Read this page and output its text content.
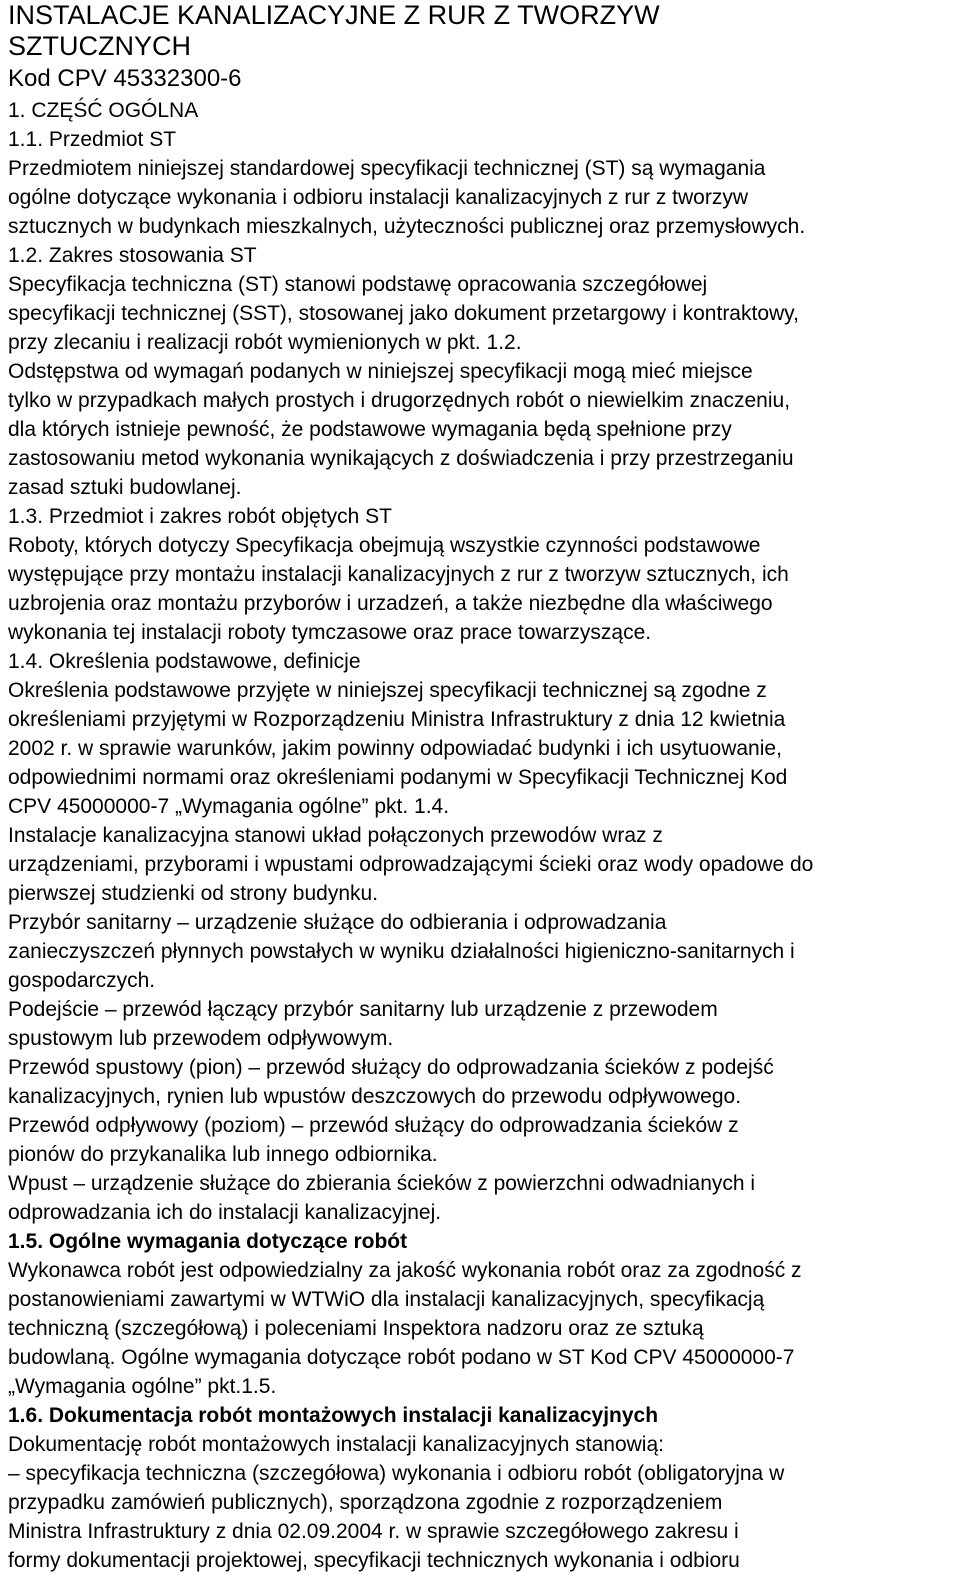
INSTALACJE KANALIZACYJNE Z RUR Z TWORZYW
SZTUCZNYCH
Kod CPV 45332300-6
1. CZĘŚĆ OGÓLNA
1.1. Przedmiot ST
Przedmiotem niniejszej standardowej specyfikacji technicznej (ST) są wymagania
ogólne dotyczące wykonania i odbioru instalacji kanalizacyjnych z rur z tworzyw
sztucznych w budynkach mieszkalnych, użyteczności publicznej oraz przemysłowych.
1.2. Zakres stosowania ST
Specyfikacja techniczna (ST) stanowi podstawę opracowania szczegółowej
specyfikacji technicznej (SST), stosowanej jako dokument przetargowy i kontraktowy,
przy zlecaniu i realizacji robót wymienionych w pkt. 1.2.
Odstępstwa od wymagań podanych w niniejszej specyfikacji mogą mieć miejsce
tylko w przypadkach małych prostych i drugorzędnych robót o niewielkim znaczeniu,
dla których istnieje pewność, że podstawowe wymagania będą spełnione przy
zastosowaniu metod wykonania wynikających z doświadczenia i przy przestrzeganiu
zasad sztuki budowlanej.
1.3. Przedmiot i zakres robót objętych ST
Roboty, których dotyczy Specyfikacja obejmują wszystkie czynności podstawowe
występujące przy montażu instalacji kanalizacyjnych z rur z tworzyw sztucznych, ich
uzbrojenia oraz montażu przyborów i urzadzeń, a także niezbędne dla właściwego
wykonania tej instalacji roboty tymczasowe oraz prace towarzyszące.
1.4. Określenia podstawowe, definicje
Określenia podstawowe przyjęte w niniejszej specyfikacji technicznej są zgodne z
określeniami przyjętymi w Rozporządzeniu Ministra Infrastruktury z dnia 12 kwietnia
2002 r. w sprawie warunków, jakim powinny odpowiadać budynki i ich usytuowanie,
odpowiednimi normami oraz określeniami podanymi w Specyfikacji Technicznej Kod
CPV 45000000-7 „Wymagania ogólne” pkt. 1.4.
Instalacje kanalizacyjna stanowi układ połączonych przewodów wraz z
urządzeniami, przyborami i wpustami odprowadzającymi ścieki oraz wody opadowe do
pierwszej studzienki od strony budynku.
Przybór sanitarny – urządzenie służące do odbierania i odprowadzania
zanieczyszczeń płynnych powstałych w wyniku działalności higieniczno-sanitarnych i
gospodarczych.
Podejście – przewód łączący przybór sanitarny lub urządzenie z przewodem
spustowym lub przewodem odpływowym.
Przewód spustowy (pion) – przewód służący do odprowadzania ścieków z podejść
kanalizacyjnych, rynien lub wpustów deszczowych do przewodu odpływowego.
Przewód odpływowy (poziom) – przewód służący do odprowadzania ścieków z
pionów do przykanalika lub innego odbiornika.
Wpust – urządzenie służące do zbierania ścieków z powierzchni odwadnianych i
odprowadzania ich do instalacji kanalizacyjnej.
1.5. Ogólne wymagania dotyczące robót
Wykonawca robót jest odpowiedzialny za jakość wykonania robót oraz za zgodność z
postanowieniami zawartymi w WTWiO dla instalacji kanalizacyjnych, specyfikacją
techniczną (szczegółową) i poleceniami Inspektora nadzoru oraz ze sztuką
budowlaną. Ogólne wymagania dotyczące robót podano w ST Kod CPV 45000000-7
„Wymagania ogólne” pkt.1.5.
1.6. Dokumentacja robót montażowych instalacji kanalizacyjnych
Dokumentację robót montażowych instalacji kanalizacyjnych stanowią:
– specyfikacja techniczna (szczegółowa) wykonania i odbioru robót (obligatoryjna w
przypadku zamówień publicznych), sporządzona zgodnie z rozporządzeniem
Ministra Infrastruktury z dnia 02.09.2004 r. w sprawie szczegółowego zakresu i
formy dokumentacji projektowej, specyfikacji technicznych wykonania i odbioru
